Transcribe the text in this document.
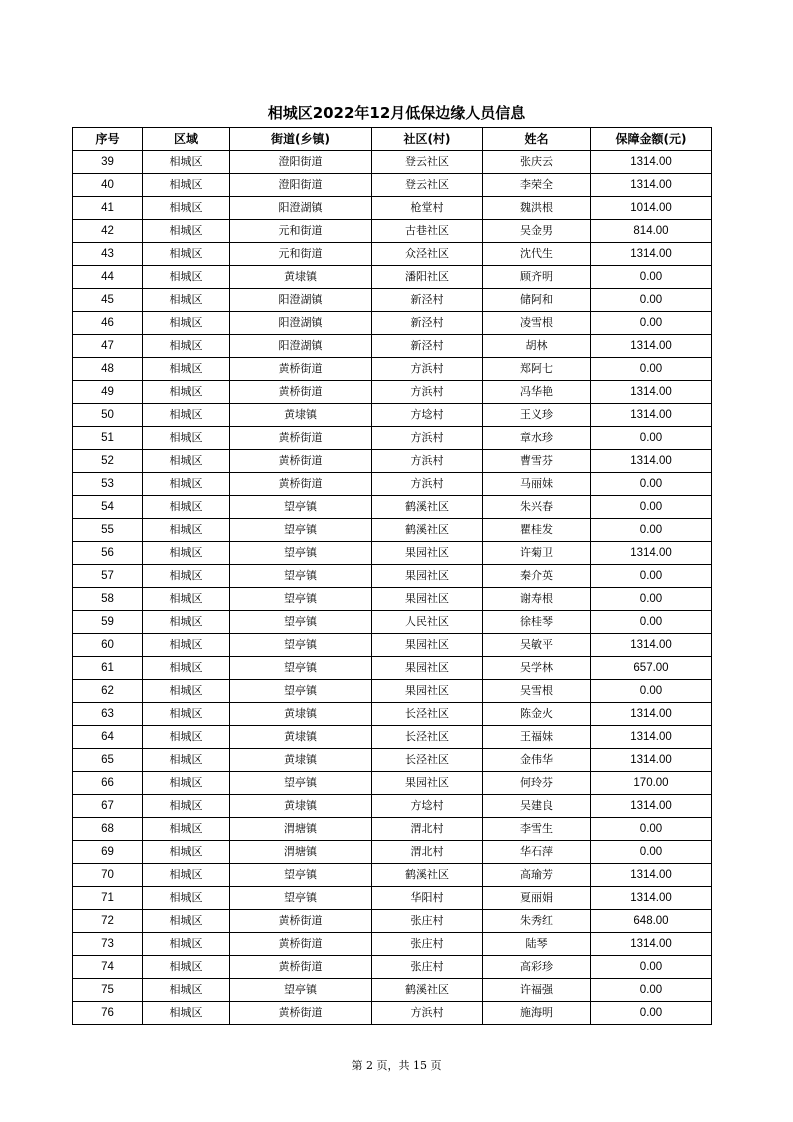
相城区2022年12月低保边缘人员信息
序号	区域	街道(乡镇)	社区(村)	姓名	保障金额(元)
39	相城区	澄阳街道	登云社区	张庆云	1314.00
40	相城区	澄阳街道	登云社区	李荣全	1314.00
41	相城区	阳澄湖镇	枪堂村	魏洪根	1014.00
42	相城区	元和街道	古巷社区	吴金男	814.00
43	相城区	元和街道	众泾社区	沈代生	1314.00
44	相城区	黄埭镇	潘阳社区	顾齐明	0.00
45	相城区	阳澄湖镇	新泾村	储阿和	0.00
46	相城区	阳澄湖镇	新泾村	凌雪根	0.00
47	相城区	阳澄湖镇	新泾村	胡林	1314.00
48	相城区	黄桥街道	方浜村	郑阿七	0.00
49	相城区	黄桥街道	方浜村	冯华艳	1314.00
50	相城区	黄埭镇	方埝村	王义珍	1314.00
51	相城区	黄桥街道	方浜村	章水珍	0.00
52	相城区	黄桥街道	方浜村	曹雪芬	1314.00
53	相城区	黄桥街道	方浜村	马丽妹	0.00
54	相城区	望亭镇	鹤溪社区	朱兴春	0.00
55	相城区	望亭镇	鹤溪社区	瞿桂发	0.00
56	相城区	望亭镇	果园社区	许菊卫	1314.00
57	相城区	望亭镇	果园社区	秦介英	0.00
58	相城区	望亭镇	果园社区	谢寿根	0.00
59	相城区	望亭镇	人民社区	徐桂琴	0.00
60	相城区	望亭镇	果园社区	吴敏平	1314.00
61	相城区	望亭镇	果园社区	吴学林	657.00
62	相城区	望亭镇	果园社区	吴雪根	0.00
63	相城区	黄埭镇	长泾社区	陈金火	1314.00
64	相城区	黄埭镇	长泾社区	王福妹	1314.00
65	相城区	黄埭镇	长泾社区	金伟华	1314.00
66	相城区	望亭镇	果园社区	何玲芬	170.00
67	相城区	黄埭镇	方埝村	吴建良	1314.00
68	相城区	渭塘镇	渭北村	李雪生	0.00
69	相城区	渭塘镇	渭北村	华石萍	0.00
70	相城区	望亭镇	鹤溪社区	高瑜芳	1314.00
71	相城区	望亭镇	华阳村	夏丽娟	1314.00
72	相城区	黄桥街道	张庄村	朱秀红	648.00
73	相城区	黄桥街道	张庄村	陆琴	1314.00
74	相城区	黄桥街道	张庄村	高彩珍	0.00
75	相城区	望亭镇	鹤溪社区	许福强	0.00
76	相城区	黄桥街道	方浜村	施海明	0.00
第 2 页，共 15 页
